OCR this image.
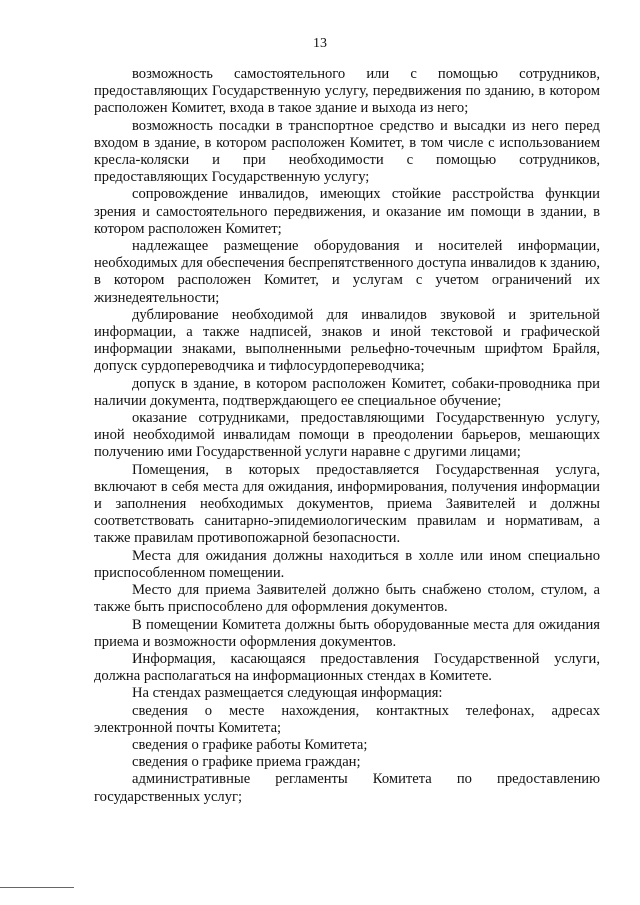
13

возможность самостоятельного или с помощью сотрудников, предоставляющих Государственную услугу, передвижения по зданию, в котором расположен Комитет, входа в такое здание и выхода из него;

возможность посадки в транспортное средство и высадки из него перед входом в здание, в котором расположен Комитет, в том числе с использованием кресла-коляски и при необходимости с помощью сотрудников, предоставляющих Государственную услугу;

сопровождение инвалидов, имеющих стойкие расстройства функции зрения и самостоятельного передвижения, и оказание им помощи в здании, в котором расположен Комитет;

надлежащее размещение оборудования и носителей информации, необходимых для обеспечения беспрепятственного доступа инвалидов к зданию, в котором расположен Комитет, и услугам с учетом ограничений их жизнедеятельности;

дублирование необходимой для инвалидов звуковой и зрительной информации, а также надписей, знаков и иной текстовой и графической информации знаками, выполненными рельефно-точечным шрифтом Брайля, допуск сурдопереводчика и тифлосурдопереводчика;

допуск в здание, в котором расположен Комитет, собаки-проводника при наличии документа, подтверждающего ее специальное обучение;

оказание сотрудниками, предоставляющими Государственную услугу, иной необходимой инвалидам помощи в преодолении барьеров, мешающих получению ими Государственной услуги наравне с другими лицами;

Помещения, в которых предоставляется Государственная услуга, включают в себя места для ожидания, информирования, получения информации и заполнения необходимых документов, приема Заявителей и должны соответствовать санитарно-эпидемиологическим правилам и нормативам, а также правилам противопожарной безопасности.

Места для ожидания должны находиться в холле или ином специально приспособленном помещении.

Место для приема Заявителей должно быть снабжено столом, стулом, а также быть приспособлено для оформления документов.

В помещении Комитета должны быть оборудованные места для ожидания приема и возможности оформления документов.

Информация, касающаяся предоставления Государственной услуги, должна располагаться на информационных стендах в Комитете.

На стендах размещается следующая информация:

сведения о месте нахождения, контактных телефонах, адресах электронной почты Комитета;

сведения о графике работы Комитета;

сведения о графике приема граждан;

административные регламенты Комитета по предоставлению государственных услуг;
